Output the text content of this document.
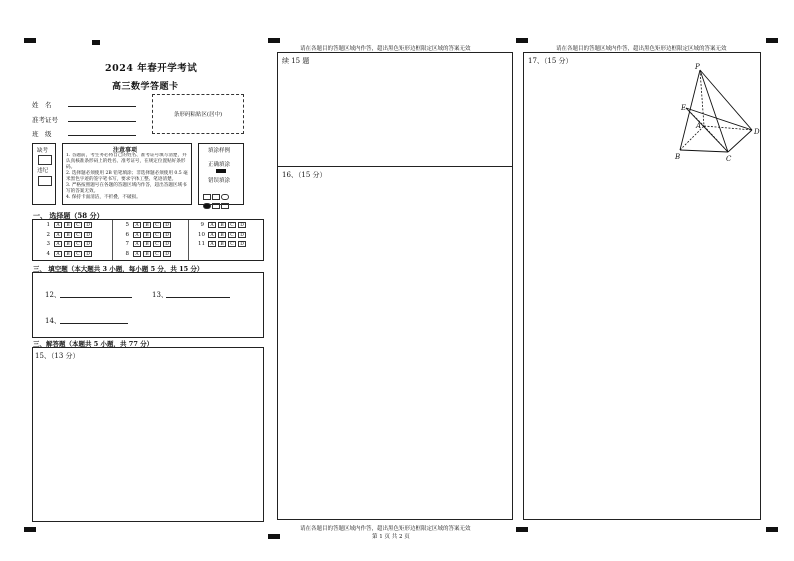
2024 年春开学考试
高三数学答题卡
姓　名
准考证号
班　级
条形码粘贴区(居中)
缺考
违纪
注意事项

1. 答题前，考生务必将自己的姓名、准考证号填写清楚，并认真核准条形码上的姓名、准考证号，在规定位置贴好条形码。

2. 选择题必须使用 2B 铅笔填涂；非选择题必须使用 0.5 毫米黑色字迹的签字笔书写，要求字体工整、笔迹清楚。

3. 严格按照题号在各题的答题区域内作答，超出答题区域书写的答案无效。

4. 保持卡面清洁，不折叠，不破损。

填涂样例
正确填涂
错误填涂
一、 选择题（58 分）
1	A	B	C	D
2	A	B	C	D
3	A	B	C	D
4	A	B	C	D
5	A	B	C	D
6	A	B	C	D
7	A	B	C	D
8	A	B	C	D
9	A	B	C	D
10	A	B	C	D
11	A	B	C	D
三、 填空题（本大题共 3 小题，每小题 5 分，共 15 分）
12、	13、
14、
三、解答题（本题共 5 小题，共 77 分）
15、（13 分）
请在各题目的答题区域内作答，超出黑色矩形边框限定区域的答案无效
续 15 题
16、（15 分）
请在各题目的答题区域内作答，超出黑色矩形边框限定区域的答案无效
第 1 页 共 2 页
请在各题目的答题区域内作答，超出黑色矩形边框限定区域的答案无效
17、（15 分）
P
E
A
B	C
D
